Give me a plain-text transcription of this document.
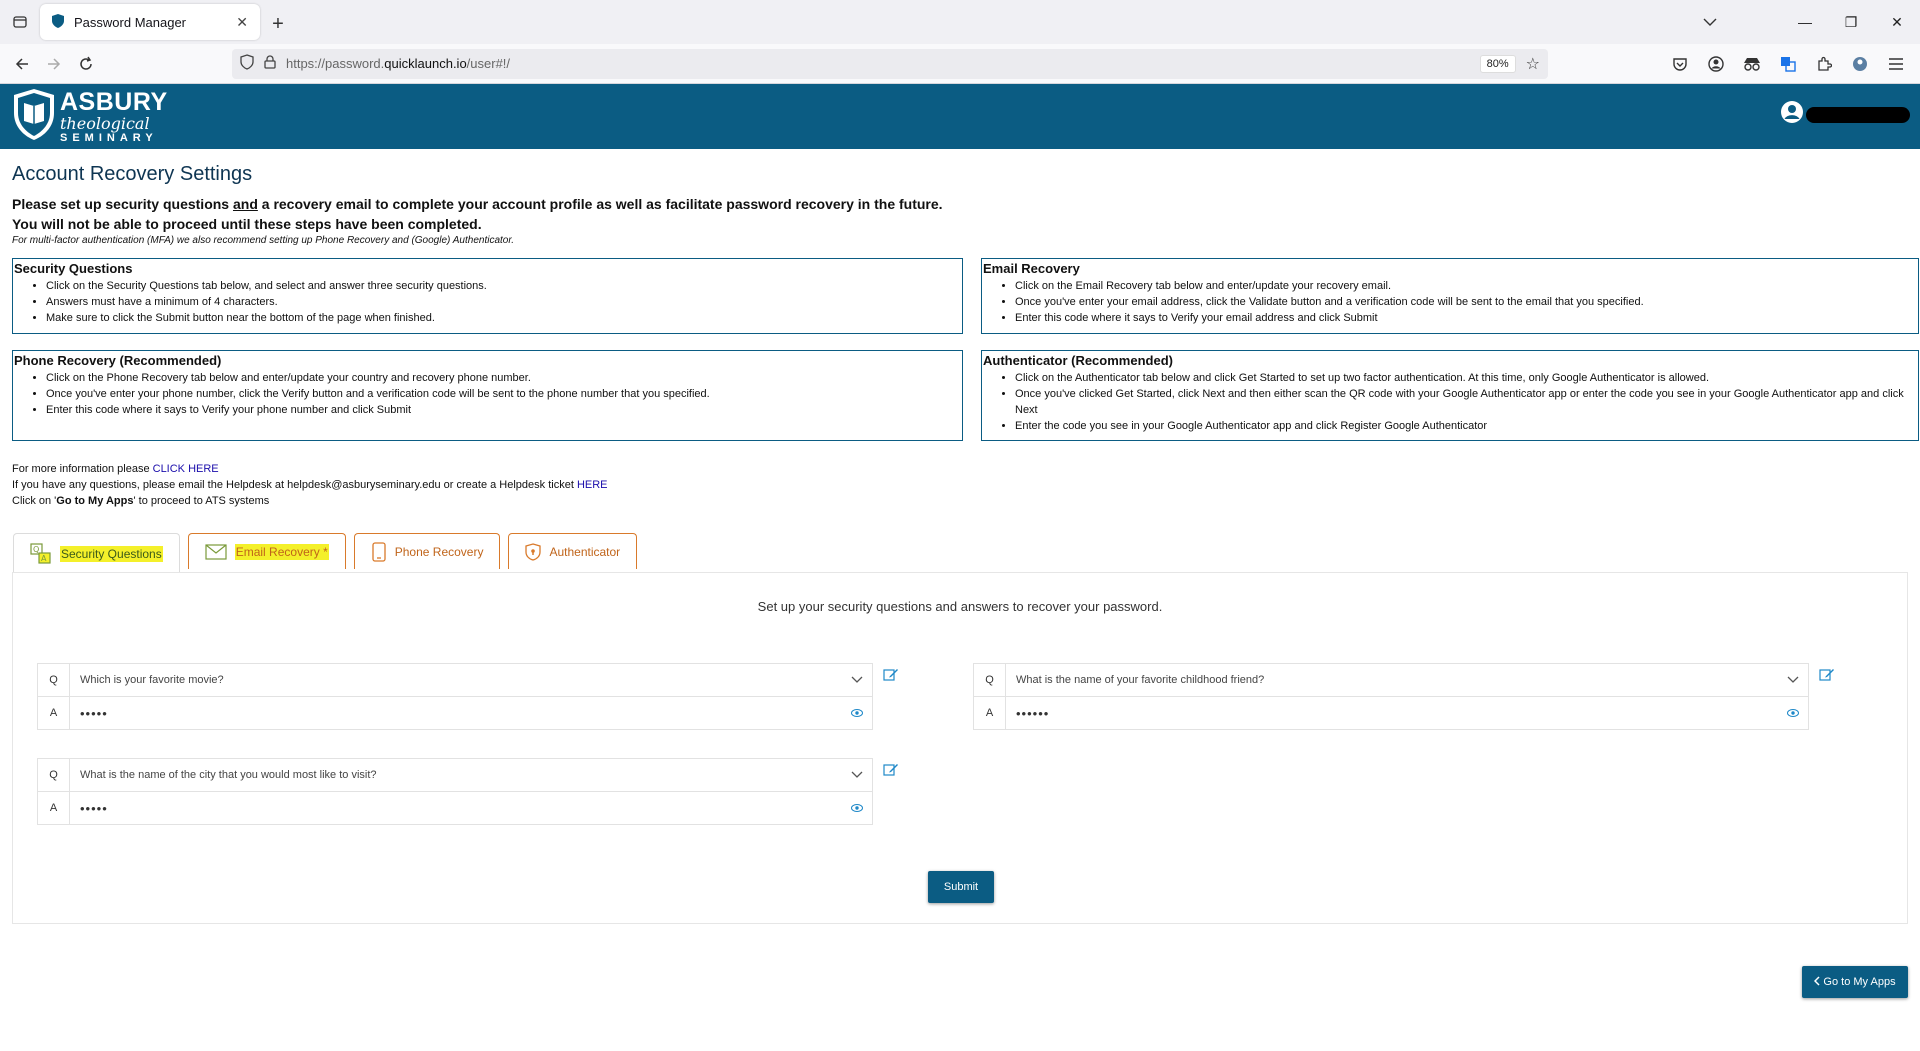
Password Manager	✕	+	—	❐	✕
https://password.quicklaunch.io/user#!/	80%	☆
ASBURY
theological
SEMINARY
Account Recovery Settings
Please set up security questions and a recovery email to complete your account profile as well as facilitate password recovery in the future.
You will not be able to proceed until these steps have been completed.
For multi-factor authentication (MFA) we also recommend setting up Phone Recovery and (Google) Authenticator.
Security Questions
• Click on the Security Questions tab below, and select and answer three security questions.
• Answers must have a minimum of 4 characters.
• Make sure to click the Submit button near the bottom of the page when finished.
Email Recovery
• Click on the Email Recovery tab below and enter/update your recovery email.
• Once you've enter your email address, click the Validate button and a verification code will be sent to the email that you specified.
• Enter this code where it says to Verify your email address and click Submit
Phone Recovery (Recommended)
• Click on the Phone Recovery tab below and enter/update your country and recovery phone number.
• Once you've enter your phone number, click the Verify button and a verification code will be sent to the phone number that you specified.
• Enter this code where it says to Verify your phone number and click Submit
Authenticator (Recommended)
• Click on the Authenticator tab below and click Get Started to set up two factor authentication. At this time, only Google Authenticator is allowed.
• Once you've clicked Get Started, click Next and then either scan the QR code with your Google Authenticator app or enter the code you see in your Google Authenticator app and click Next
• Enter the code you see in your Google Authenticator app and click Register Google Authenticator
For more information please CLICK HERE
If you have any questions, please email the Helpdesk at helpdesk@asburyseminary.edu or create a Helpdesk ticket HERE
Click on 'Go to My Apps' to proceed to ATS systems
Q
A Security Questions	Email Recovery *	Phone Recovery	Authenticator
Set up your security questions and answers to recover your password.
Q	Which is your favorite movie?
A	•••••
Q	What is the name of your favorite childhood friend?
A	••••••
Q	What is the name of the city that you would most like to visit?
A	•••••
Submit
Go to My Apps
